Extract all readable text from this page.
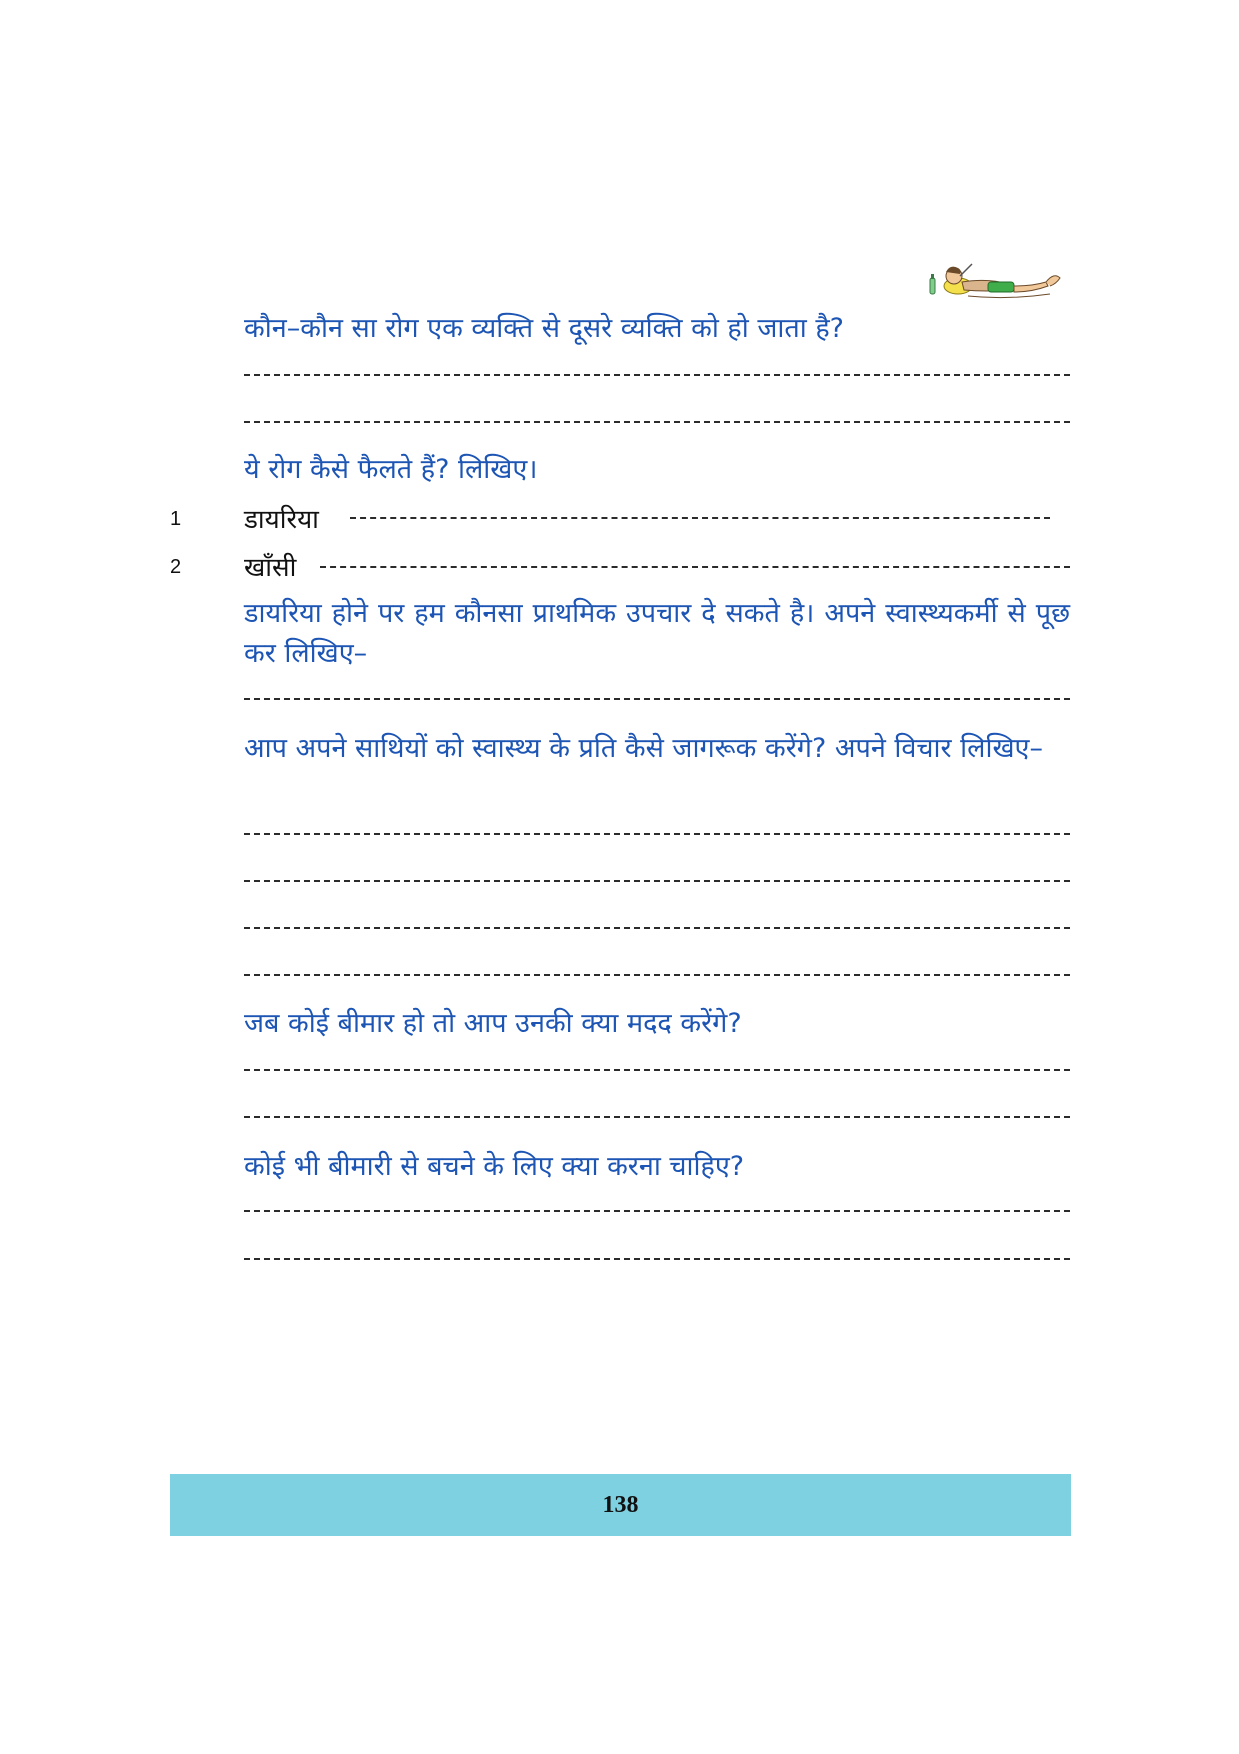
कौन–कौन सा रोग एक व्यक्ति से दूसरे व्यक्ति को हो जाता है?
ये रोग कैसे फैलते हैं? लिखिए।
1	डायरिया
2	खाँसी
डायरिया होने पर हम कौनसा प्राथमिक उपचार दे सकते है। अपने स्वास्थ्यकर्मी से पूछ कर लिखिए–
आप अपने साथियों को स्वास्थ्य के प्रति कैसे जागरूक करेंगे? अपने विचार लिखिए–
जब कोई बीमार हो तो आप उनकी क्या मदद करेंगे?
कोई भी बीमारी से बचने के लिए क्या करना चाहिए?
138
